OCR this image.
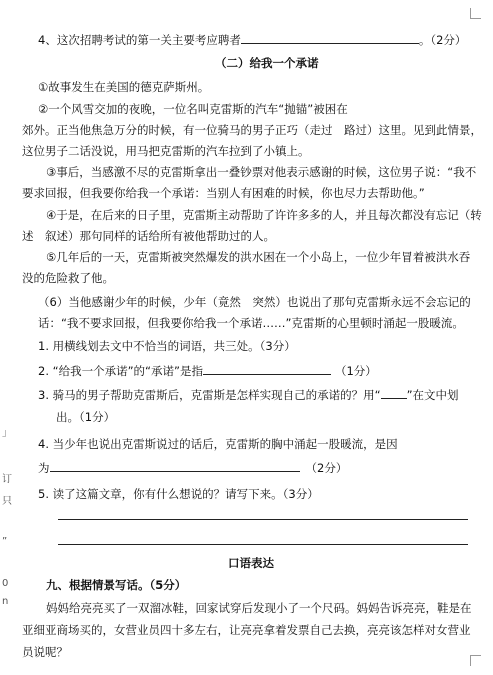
」
订
只
”
0
n
4、这次招聘考试的第一关主要考应聘者	。（2分）
（二）给我一个承诺
①故事发生在美国的德克萨斯州。
②一个风雪交加的夜晚，一位名叫克雷斯的汽车“抛锚”被困在
郊外。正当他焦急万分的时候，有一位骑马的男子正巧（走过　路过）这里。见到此情景，
这位男子二话没说，用马把克雷斯的汽车拉到了小镇上。
③事后，当感激不尽的克雷斯拿出一叠钞票对他表示感谢的时候，这位男子说：“我不
要求回报，但我要你给我一个承诺：当别人有困难的时候，你也尽力去帮助他。”
④于是，在后来的日子里，克雷斯主动帮助了许许多多的人，并且每次都没有忘记（转
述　叙述）那句同样的话给所有被他帮助过的人。
⑤几年后的一天，克雷斯被突然爆发的洪水困在一个小岛上，一位少年冒着被洪水吞
没的危险救了他。
（6）当他感谢少年的时候，少年（竟然　突然）也说出了那句克雷斯永远不会忘记的
话：“我不要求回报，但我要你给我一个承诺……”克雷斯的心里顿时涌起一股暖流。
1. 用横线划去文中不恰当的词语，共三处。（3分）
2. “给我一个承诺”的“承诺”是指	（1分）
3. 骑马的男子帮助克雷斯后，克雷斯是怎样实现自己的承诺的？用“ ”在文中划
出。（1分）
4. 当少年也说出克雷斯说过的话后，克雷斯的胸中涌起一股暖流，是因
为	（2分）
5. 读了这篇文章，你有什么想说的？请写下来。（3分）
口语表达
九、根据情景写话。（5分）
妈妈给亮亮买了一双溜冰鞋，回家试穿后发现小了一个尺码。妈妈告诉亮亮，鞋是在
亚细亚商场买的，女营业员四十多左右，让亮亮拿着发票自己去换，亮亮该怎样对女营业
员说呢？
